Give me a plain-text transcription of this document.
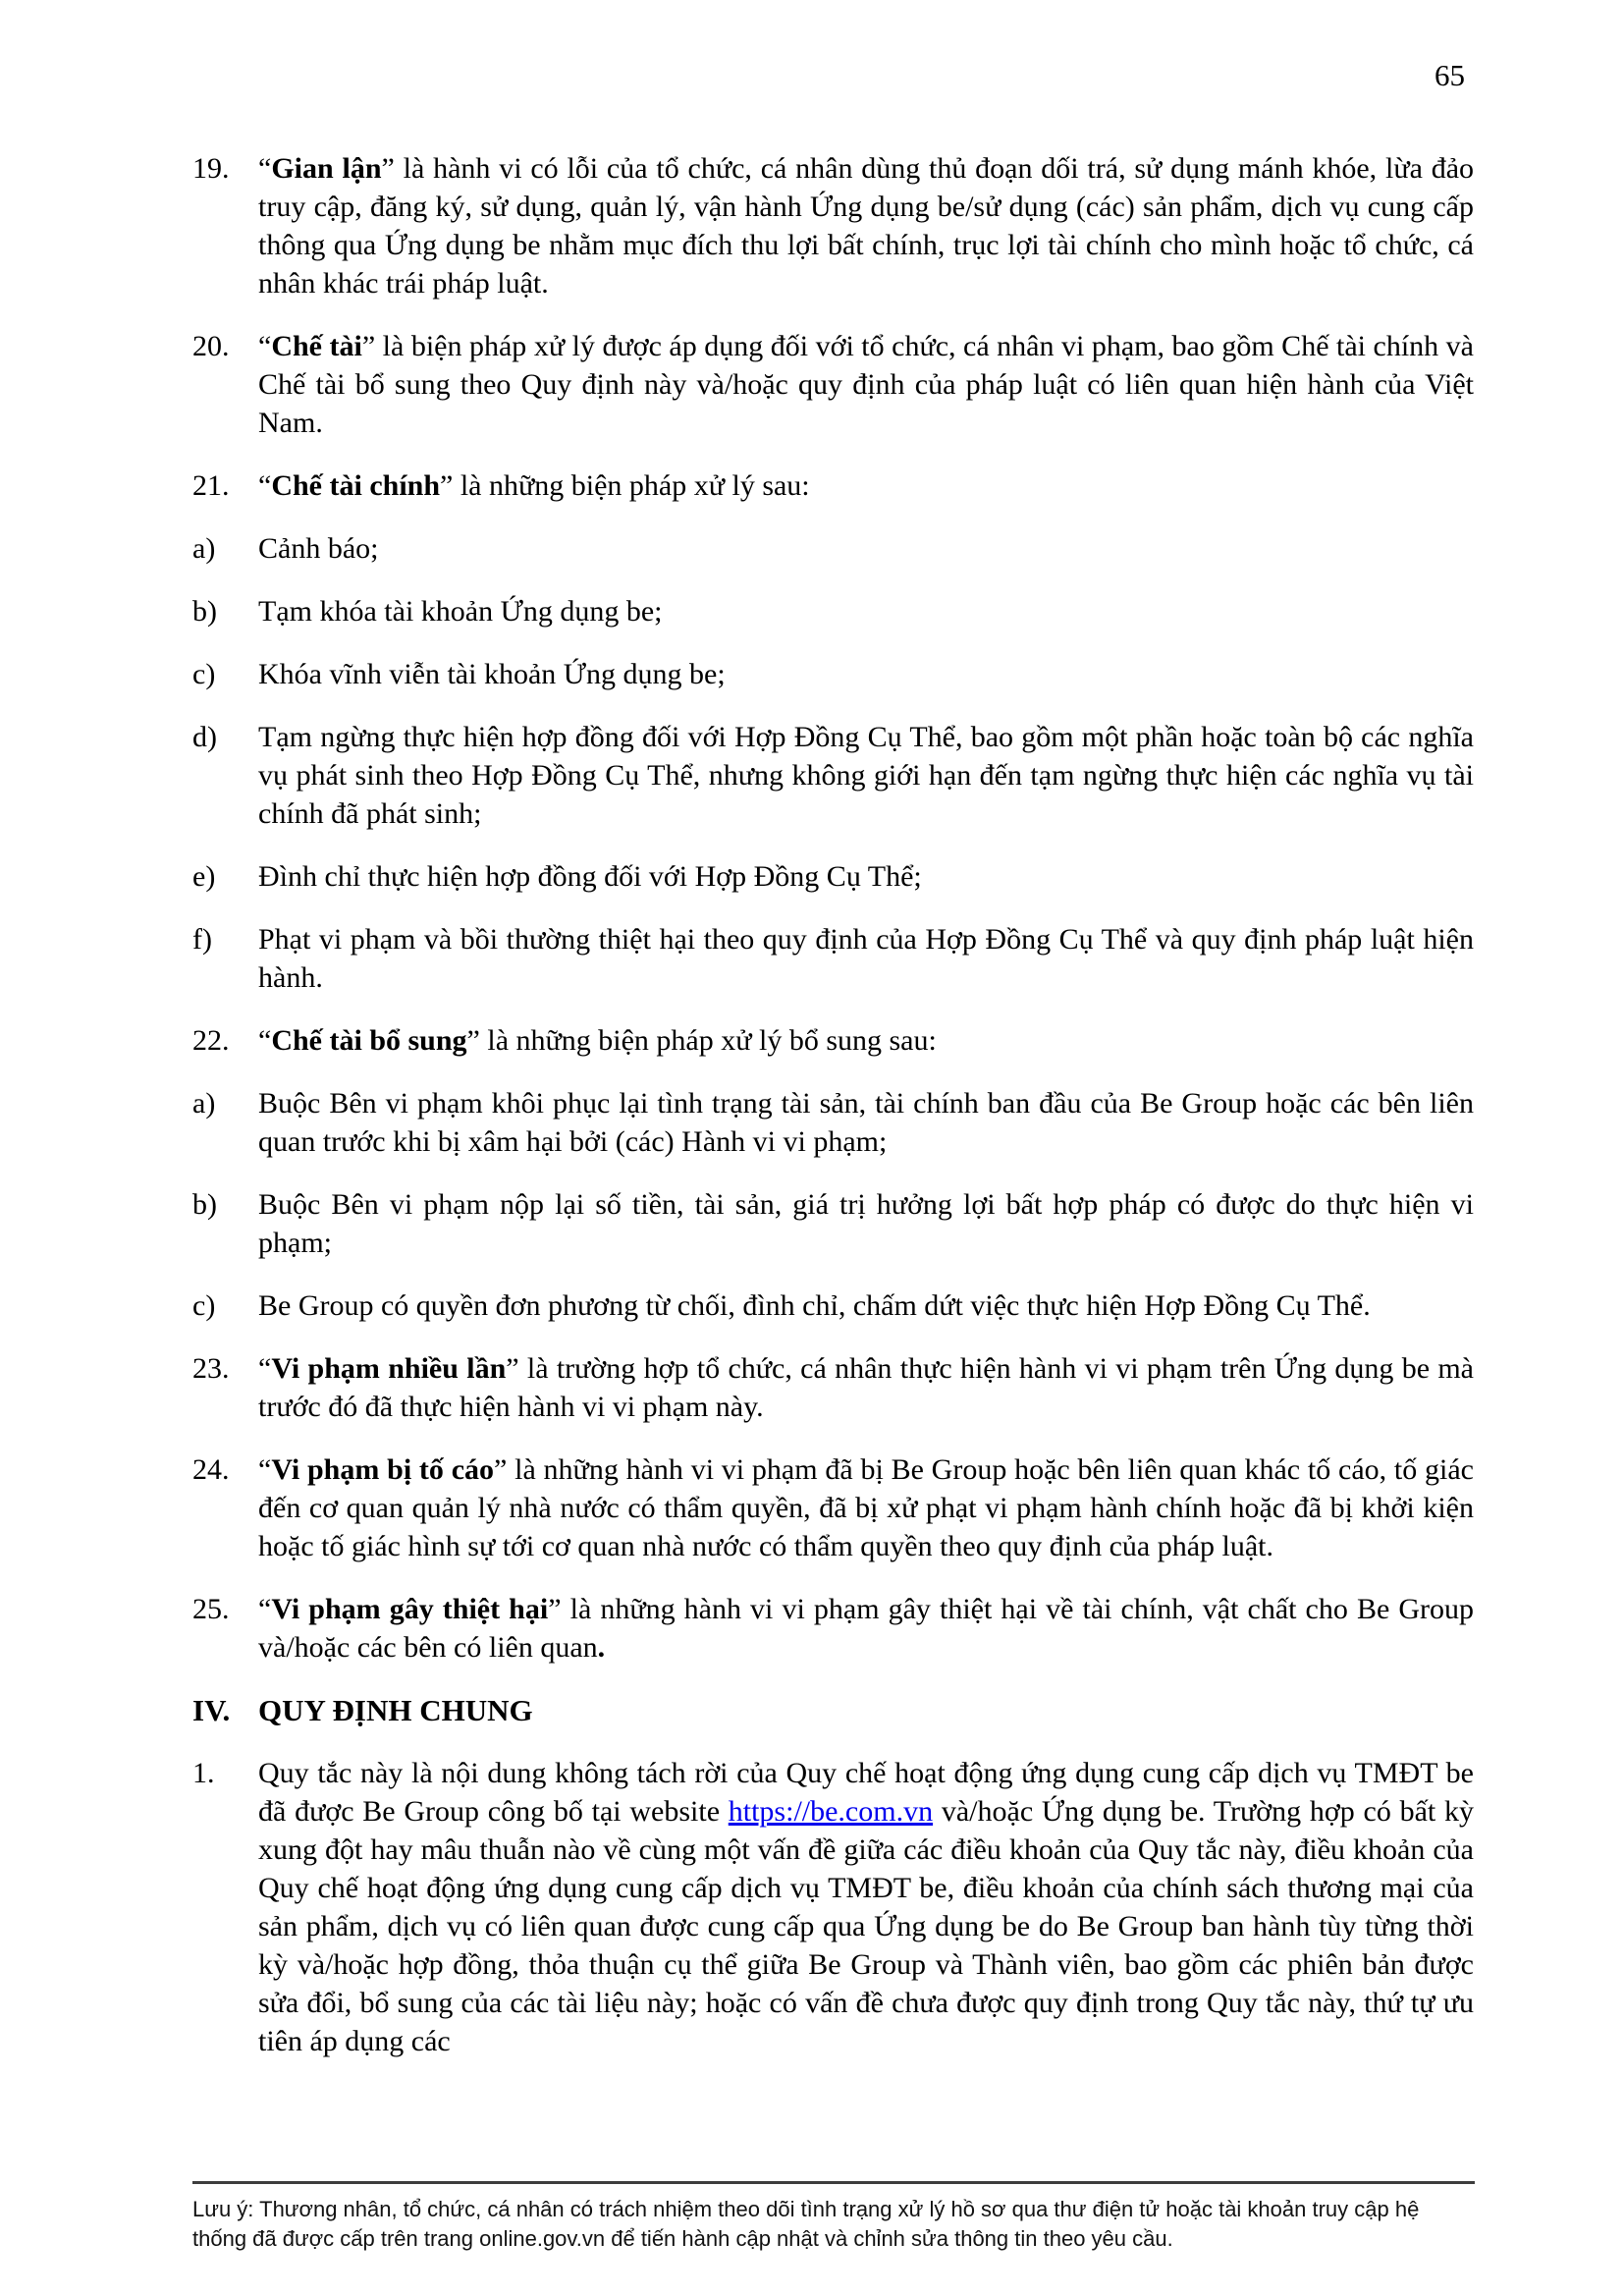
65
19. “Gian lận” là hành vi có lỗi của tổ chức, cá nhân dùng thủ đoạn dối trá, sử dụng mánh khóe, lừa đảo truy cập, đăng ký, sử dụng, quản lý, vận hành Ứng dụng be/sử dụng (các) sản phẩm, dịch vụ cung cấp thông qua Ứng dụng be nhằm mục đích thu lợi bất chính, trục lợi tài chính cho mình hoặc tổ chức, cá nhân khác trái pháp luật.

20. “Chế tài” là biện pháp xử lý được áp dụng đối với tổ chức, cá nhân vi phạm, bao gồm Chế tài chính và Chế tài bổ sung theo Quy định này và/hoặc quy định của pháp luật có liên quan hiện hành của Việt Nam.

21. “Chế tài chính” là những biện pháp xử lý sau:

a)	Cảnh báo;

b)	Tạm khóa tài khoản Ứng dụng be;

c)	Khóa vĩnh viễn tài khoản Ứng dụng be;

d)	Tạm ngừng thực hiện hợp đồng đối với Hợp Đồng Cụ Thể, bao gồm một phần hoặc toàn bộ các nghĩa vụ phát sinh theo Hợp Đồng Cụ Thể, nhưng không giới hạn đến tạm ngừng thực hiện các nghĩa vụ tài chính đã phát sinh;

e)	Đình chỉ thực hiện hợp đồng đối với Hợp Đồng Cụ Thể;

f)	Phạt vi phạm và bồi thường thiệt hại theo quy định của Hợp Đồng Cụ Thể và quy định pháp luật hiện hành.

22. “Chế tài bổ sung” là những biện pháp xử lý bổ sung sau:

a)	Buộc Bên vi phạm khôi phục lại tình trạng tài sản, tài chính ban đầu của Be Group hoặc các bên liên quan trước khi bị xâm hại bởi (các) Hành vi vi phạm;

b)	Buộc Bên vi phạm nộp lại số tiền, tài sản, giá trị hưởng lợi bất hợp pháp có được do thực hiện vi phạm;

c)	Be Group có quyền đơn phương từ chối, đình chỉ, chấm dứt việc thực hiện Hợp Đồng Cụ Thể.

23. “Vi phạm nhiều lần” là trường hợp tổ chức, cá nhân thực hiện hành vi vi phạm trên Ứng dụng be mà trước đó đã thực hiện hành vi vi phạm này.

24. “Vi phạm bị tố cáo” là những hành vi vi phạm đã bị Be Group hoặc bên liên quan khác tố cáo, tố giác đến cơ quan quản lý nhà nước có thẩm quyền, đã bị xử phạt vi phạm hành chính hoặc đã bị khởi kiện hoặc tố giác hình sự tới cơ quan nhà nước có thẩm quyền theo quy định của pháp luật.

25. “Vi phạm gây thiệt hại” là những hành vi vi phạm gây thiệt hại về tài chính, vật chất cho Be Group và/hoặc các bên có liên quan.

IV. QUY ĐỊNH CHUNG

1.	Quy tắc này là nội dung không tách rời của Quy chế hoạt động ứng dụng cung cấp dịch vụ TMĐT be đã được Be Group công bố tại website https://be.com.vn và/hoặc Ứng dụng be. Trường hợp có bất kỳ xung đột hay mâu thuẫn nào về cùng một vấn đề giữa các điều khoản của Quy tắc này, điều khoản của Quy chế hoạt động ứng dụng cung cấp dịch vụ TMĐT be, điều khoản của chính sách thương mại của sản phẩm, dịch vụ có liên quan được cung cấp qua Ứng dụng be do Be Group ban hành tùy từng thời kỳ và/hoặc hợp đồng, thỏa thuận cụ thể giữa Be Group và Thành viên, bao gồm các phiên bản được sửa đổi, bổ sung của các tài liệu này; hoặc có vấn đề chưa được quy định trong Quy tắc này, thứ tự ưu tiên áp dụng các

Lưu ý: Thương nhân, tổ chức, cá nhân có trách nhiệm theo dõi tình trạng xử lý hồ sơ qua thư điện tử hoặc tài khoản truy cập hệ thống đã được cấp trên trang online.gov.vn để tiến hành cập nhật và chỉnh sửa thông tin theo yêu cầu.
